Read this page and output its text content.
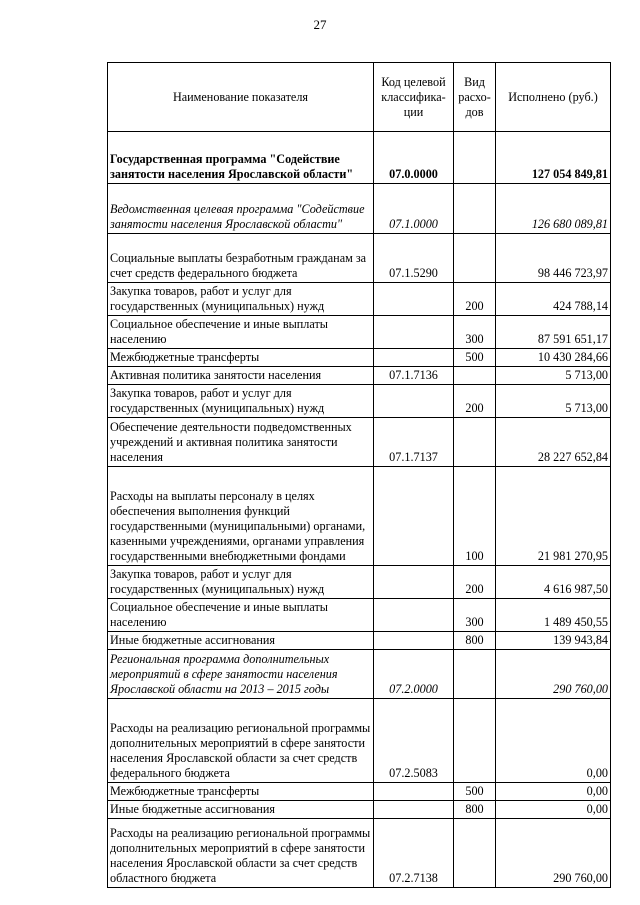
27
Наименование показателя	Код целевой классифика-ции	Вид расхо-дов	Исполнено (руб.)
Государственная программа "Содействие занятости населения Ярославской области"	07.0.0000		127 054 849,81
Ведомственная целевая программа "Содействие занятости населения Ярославской области"	07.1.0000		126 680 089,81
Социальные выплаты безработным гражданам за счет средств федерального бюджета	07.1.5290		98 446 723,97
Закупка товаров, работ и услуг для государственных (муниципальных) нужд		200	424 788,14
Социальное обеспечение и иные выплаты населению		300	87 591 651,17
Межбюджетные трансферты		500	10 430 284,66
Активная политика занятости населения	07.1.7136		5 713,00
Закупка товаров, работ и услуг для государственных (муниципальных) нужд		200	5 713,00
Обеспечение деятельности подведомственных учреждений и активная политика занятости населения	07.1.7137		28 227 652,84
Расходы на выплаты персоналу в целях обеспечения выполнения функций государственными (муниципальными) органами, казенными учреждениями, органами управления государственными внебюджетными фондами		100	21 981 270,95
Закупка товаров, работ и услуг для государственных (муниципальных) нужд		200	4 616 987,50
Социальное обеспечение и иные выплаты населению		300	1 489 450,55
Иные бюджетные ассигнования		800	139 943,84
Региональная программа дополнительных мероприятий в сфере занятости населения Ярославской области на 2013 – 2015 годы	07.2.0000		290 760,00
Расходы на реализацию региональной программы дополнительных мероприятий в сфере занятости населения Ярославской области за счет средств федерального бюджета	07.2.5083		0,00
Межбюджетные трансферты		500	0,00
Иные бюджетные ассигнования		800	0,00
Расходы на реализацию региональной программы дополнительных мероприятий в сфере занятости населения Ярославской области за счет средств областного бюджета	07.2.7138		290 760,00
